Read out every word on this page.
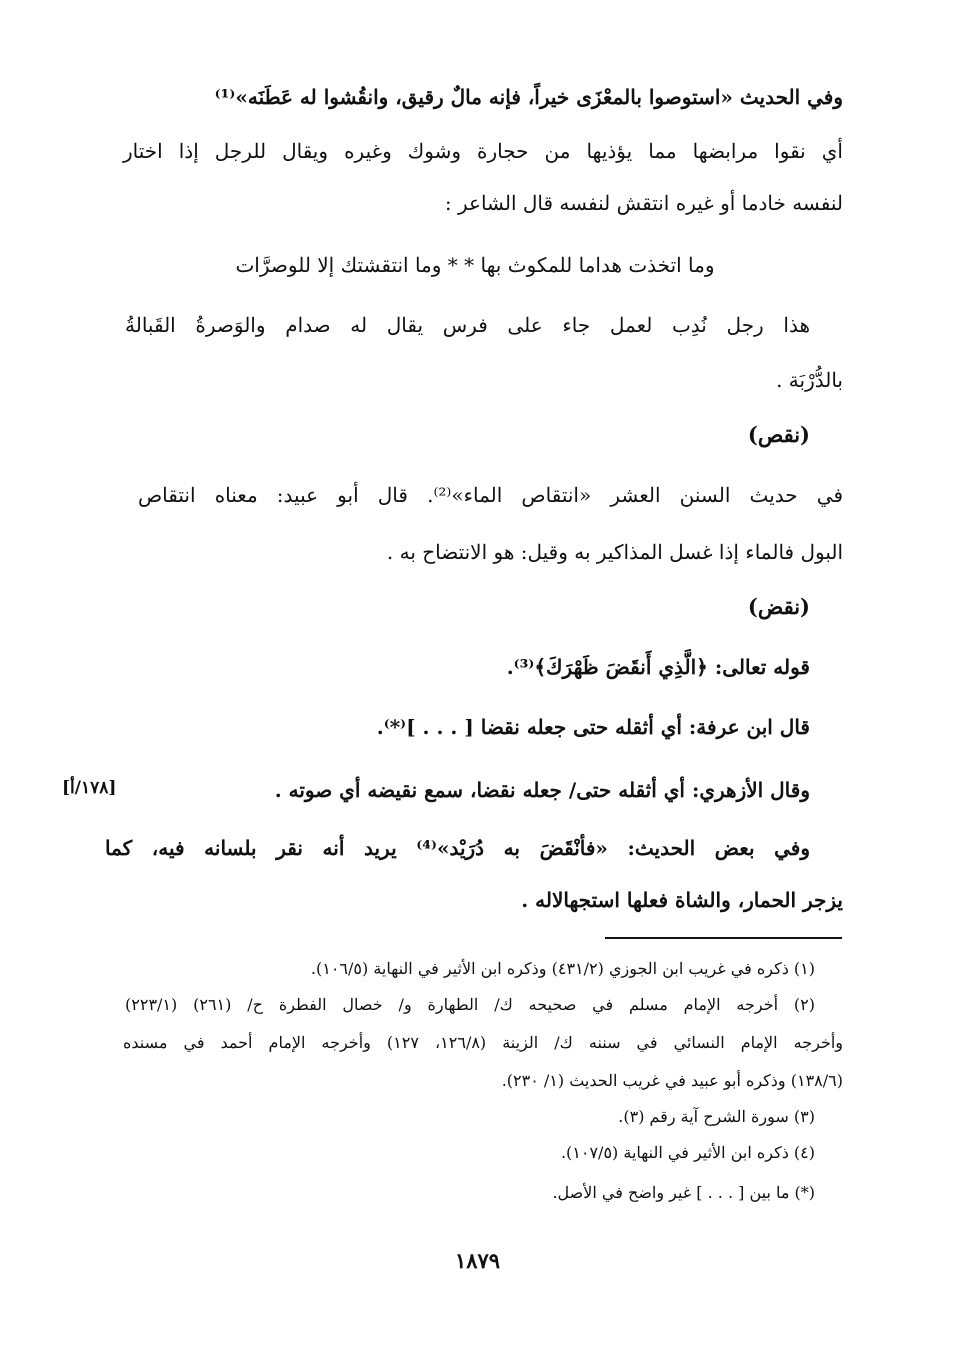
وفي الحديث «استوصوا بالمعْزَى خيراً، فإنه مالٌ رقيق، وانقُشوا له عَطَنَه»⁽¹⁾
أي نقوا مرابضها مما يؤذيها من حجارة وشوك وغيره ويقال للرجل إذا اختار
لنفسه خادما أو غيره انتقش لنفسه قال الشاعر :
وما اتخذت هداما للمكوث بها * * وما انتقشتك إلا للوصرَّات
هذا رجل نُدِب لعمل جاء على فرس يقال له صدام والوَصرةُ القَبالةُ
بالدُّرْبَة .
(نقص)
في حديث السنن العشر «انتقاص الماء»⁽²⁾. قال أبو عبيد: معناه انتقاص
البول فالماء إذا غسل المذاكير به وقيل: هو الانتضاح به .
(نقض)
قوله تعالى: ﴿الَّذِي أَنقَضَ ظَهْرَكَ﴾⁽³⁾.
قال ابن عرفة: أي أثقله حتى جعله نقضا [ . . . ]⁽*⁾.
وقال الأزهري: أي أثقله حتى/ جعله نقضا، سمع نقيضه أي صوته .
[١٧٨/أ]
وفي بعض الحديث: «فأنْقَضَ به دُرَيْد»⁽⁴⁾ يريد أنه نقر بلسانه فيه، كما
يزجر الحمار، والشاة فعلها استجهالاله .
(١) ذكره في غريب ابن الجوزي (٤٣١/٢) وذكره ابن الأثير في النهاية (١٠٦/٥).
(٢) أخرجه الإمام مسلم في صحيحه ك/ الطهارة و/ خصال الفطرة ح/ (٢٦١) (٢٢٣/١)
وأخرجه الإمام النسائي في سننه ك/ الزينة (١٢٦/٨، ١٢٧) وأخرجه الإمام أحمد في مسنده
(١٣٨/٦) وذكره أبو عبيد في غريب الحديث (١/ ٢٣٠).
(٣) سورة الشرح آية رقم (٣).
(٤) ذكره ابن الأثير في النهاية (١٠٧/٥).
(*) ما بين [ . . . ] غير واضح في الأصل.
١٨٧٩
